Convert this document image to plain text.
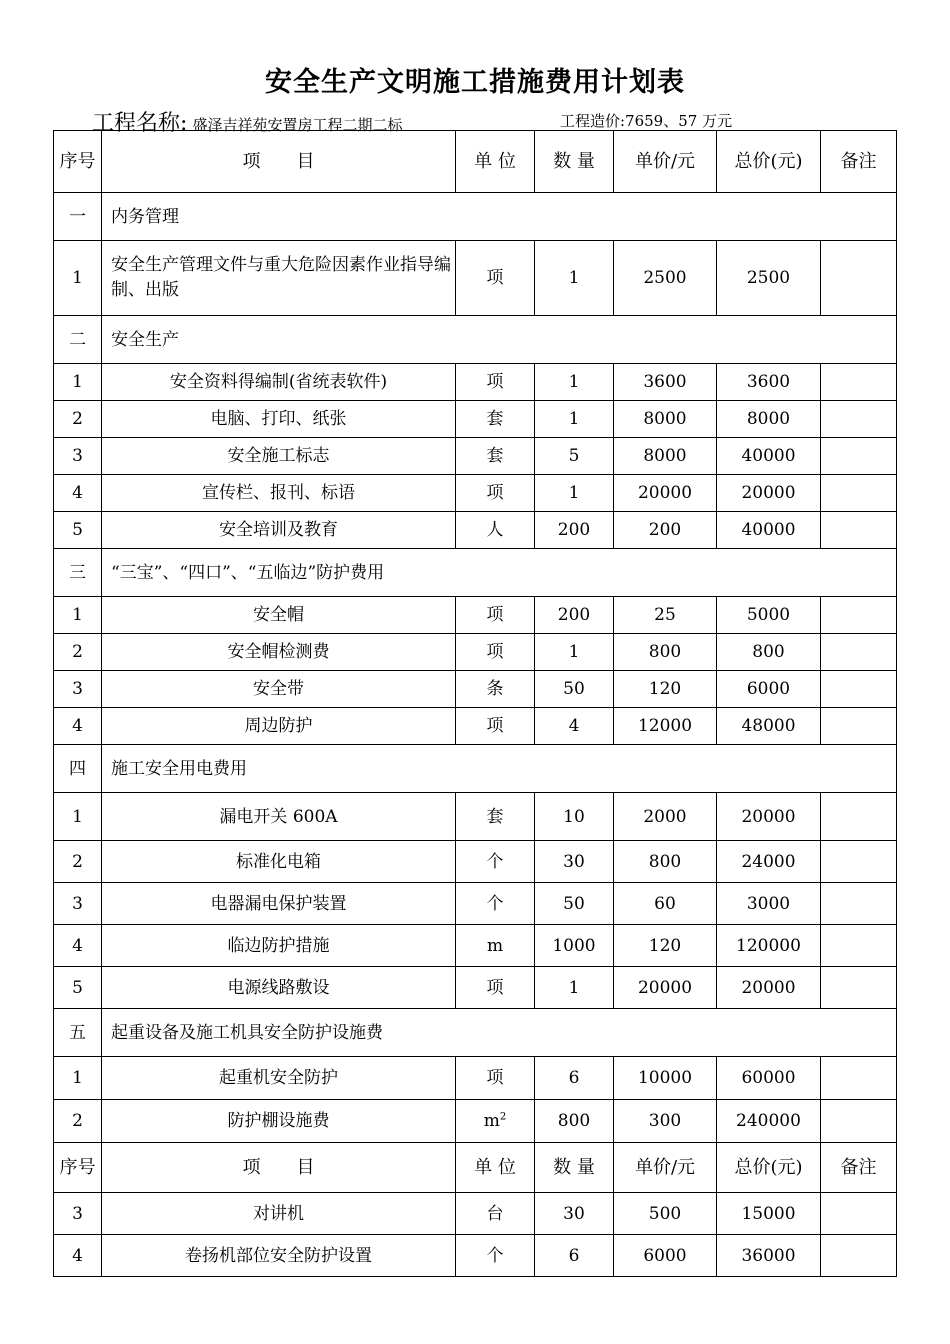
安全生产文明施工措施费用计划表
工程名称: 盛泽吉祥苑安置房工程二期二标	工程造价:7659、57 万元
序号	项　　目	单 位	数 量	单价/元	总价(元)	备注
一	内务管理					
1	安全生产管理文件与重大危险因素作业指导编制、出版	项	1	2500	2500	
二	安全生产					
1	安全资料得编制(省统表软件)	项	1	3600	3600	
2	电脑、打印、纸张	套	1	8000	8000	
3	安全施工标志	套	5	8000	40000	
4	宣传栏、报刊、标语	项	1	20000	20000	
5	安全培训及教育	人	200	200	40000	
三	“三宝”、“四口”、“五临边”防护费用					
1	安全帽	项	200	25	5000	
2	安全帽检测费	项	1	800	800	
3	安全带	条	50	120	6000	
4	周边防护	项	4	12000	48000	
四	施工安全用电费用					
1	漏电开关 600A	套	10	2000	20000	
2	标准化电箱	个	30	800	24000	
3	电器漏电保护装置	个	50	60	3000	
4	临边防护措施	m	1000	120	120000	
5	电源线路敷设	项	1	20000	20000	
五	起重设备及施工机具安全防护设施费					
1	起重机安全防护	项	6	10000	60000	
2	防护棚设施费	$m^2$	800	300	240000	
序号	项　　目	单 位	数 量	单价/元	总价(元)	备注
3	对讲机	台	30	500	15000	
4	卷扬机部位安全防护设置	个	6	6000	36000	
